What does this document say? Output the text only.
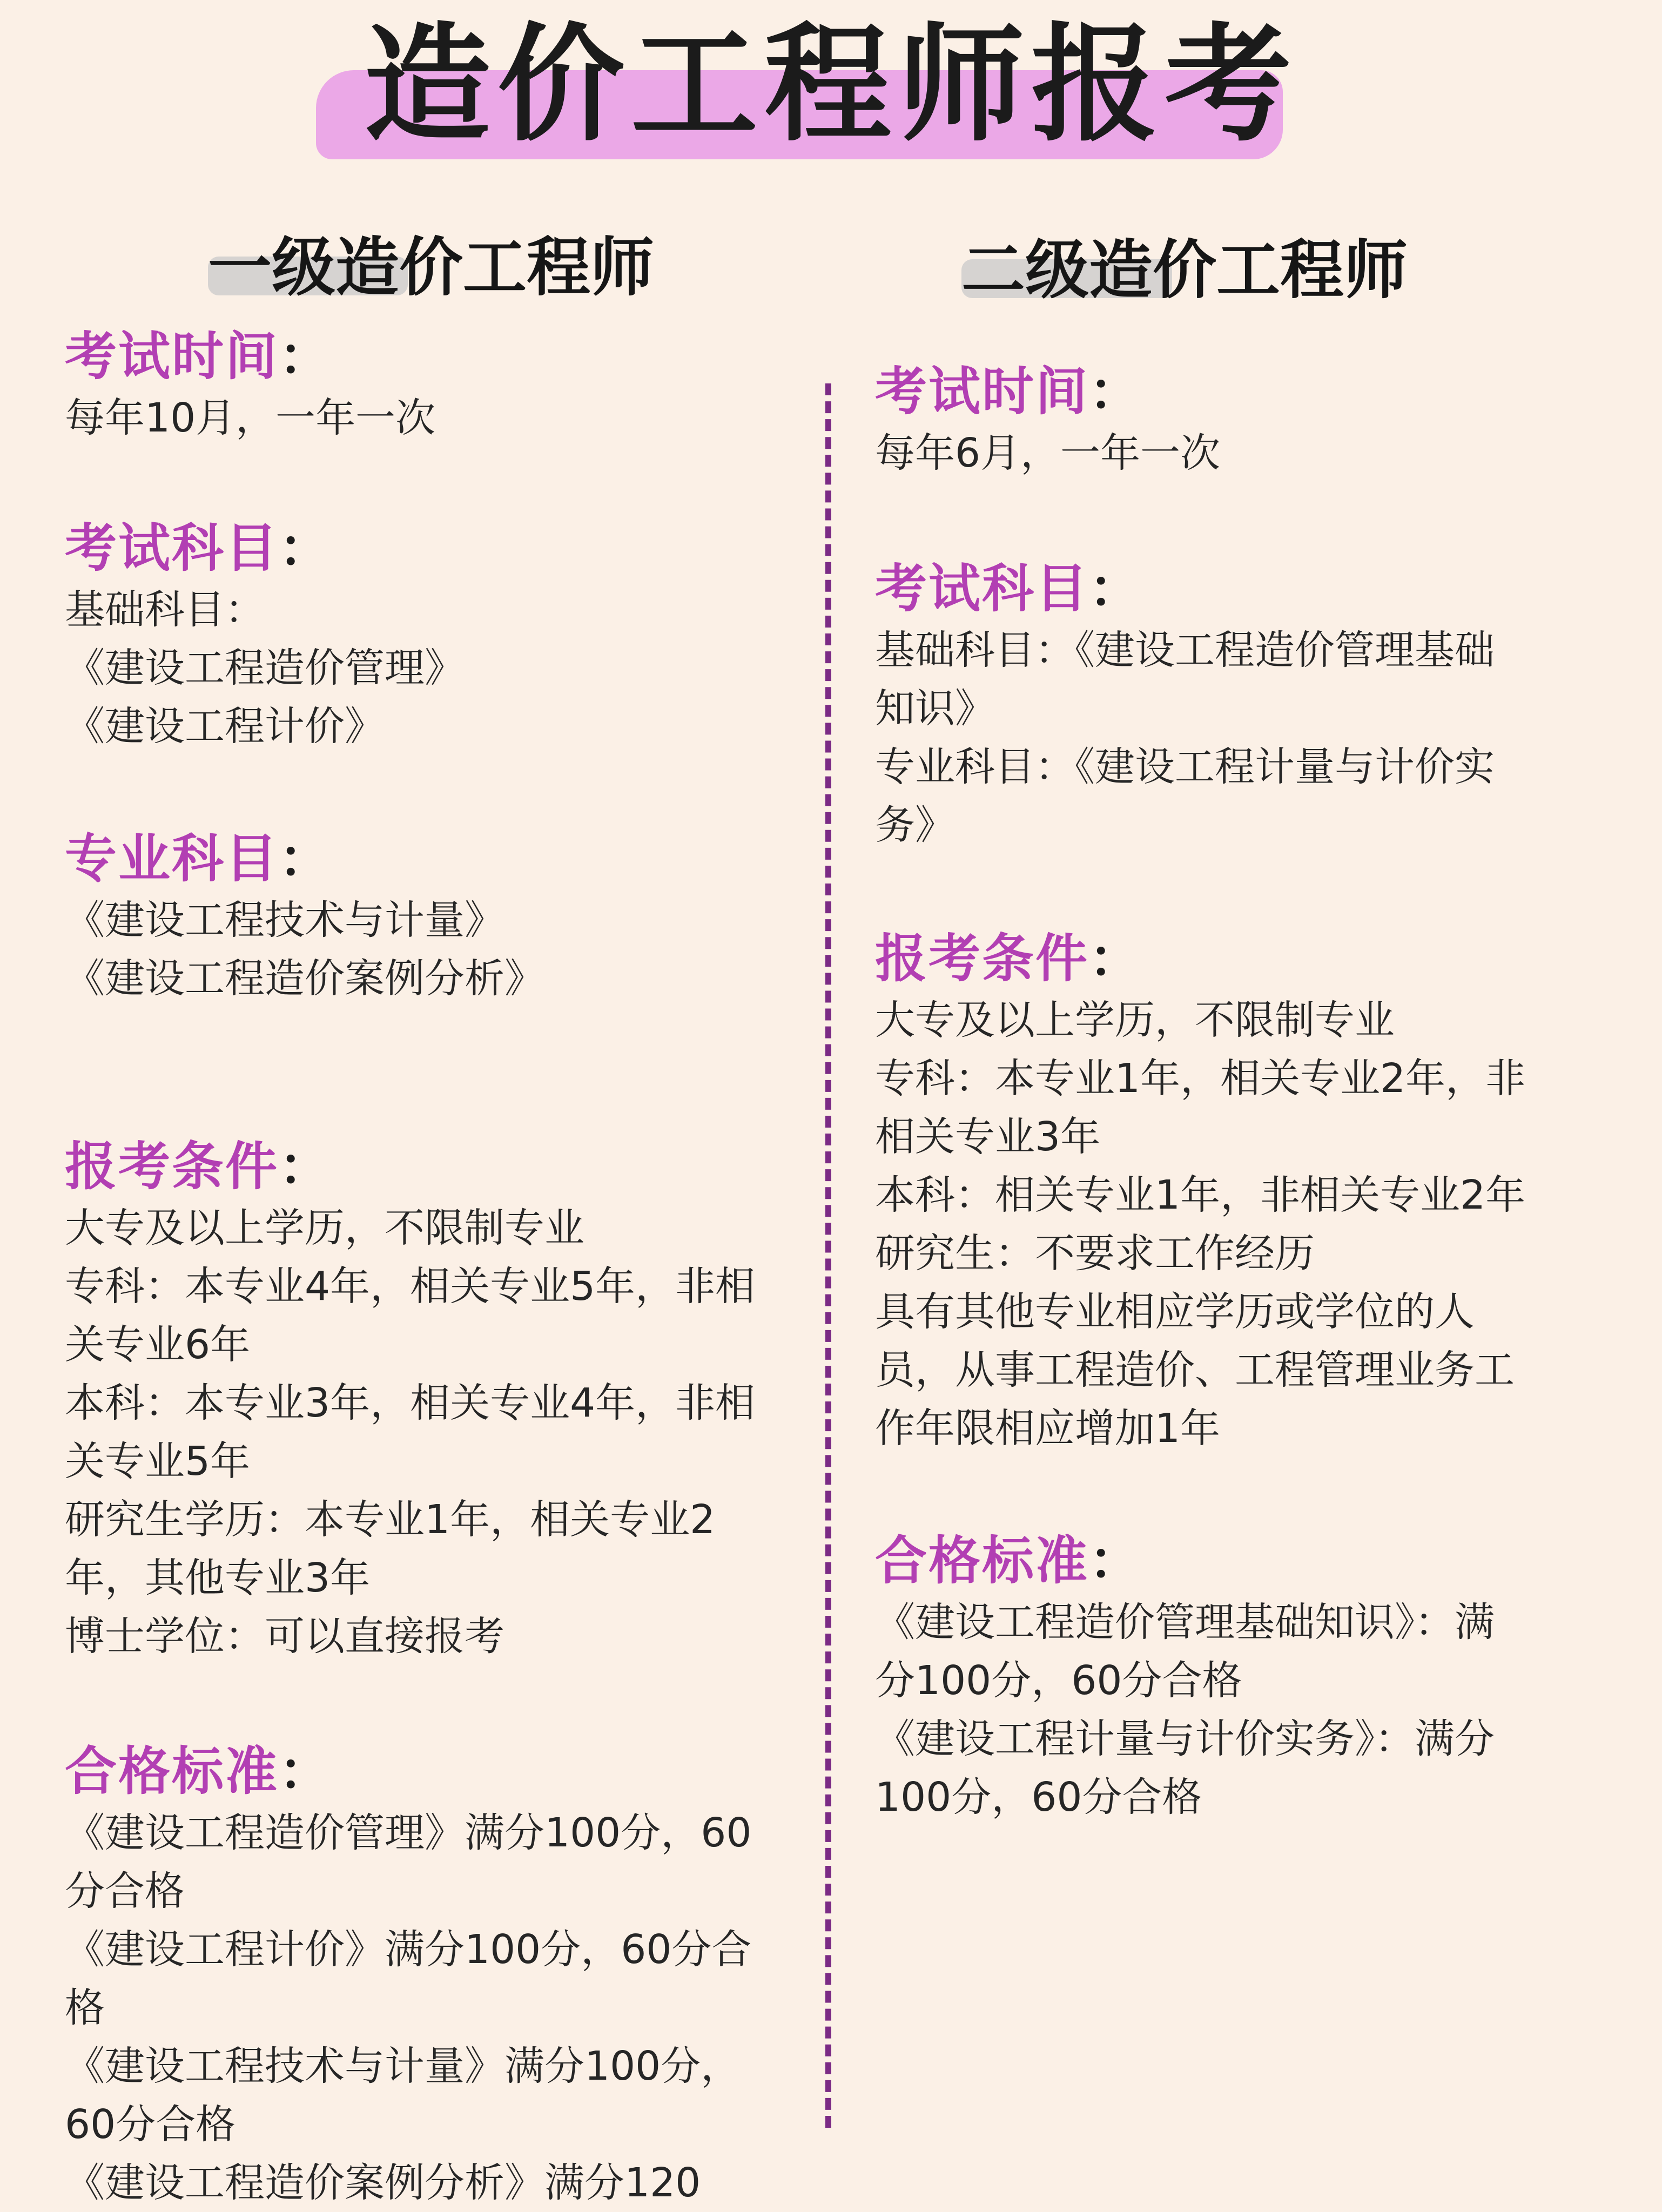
造价工程师报考
一级造价工程师	二级造价工程师
考试时间：
每年10月，一年一次
考试科目：
基础科目：
《建设工程造价管理》
《建设工程计价》
专业科目：
《建设工程技术与计量》
《建设工程造价案例分析》
报考条件：
大专及以上学历，不限制专业
专科：本专业4年，相关专业5年，非相
关专业6年
本科：本专业3年，相关专业4年，非相
关专业5年
研究生学历：本专业1年，相关专业2
年，其他专业3年
博士学位：可以直接报考
合格标准：
《建设工程造价管理》满分100分，60
分合格
《建设工程计价》满分100分，60分合
格
《建设工程技术与计量》满分100分，
60分合格
《建设工程造价案例分析》满分120
考试时间：
每年6月，一年一次
考试科目：
基础科目：《建设工程造价管理基础
知识》
专业科目：《建设工程计量与计价实
务》
报考条件：
大专及以上学历，不限制专业
专科：本专业1年，相关专业2年，非
相关专业3年
本科：相关专业1年，非相关专业2年
研究生：不要求工作经历
具有其他专业相应学历或学位的人
员，从事工程造价、工程管理业务工
作年限相应增加1年
合格标准：
《建设工程造价管理基础知识》：满
分100分，60分合格
《建设工程计量与计价实务》：满分
100分，60分合格
